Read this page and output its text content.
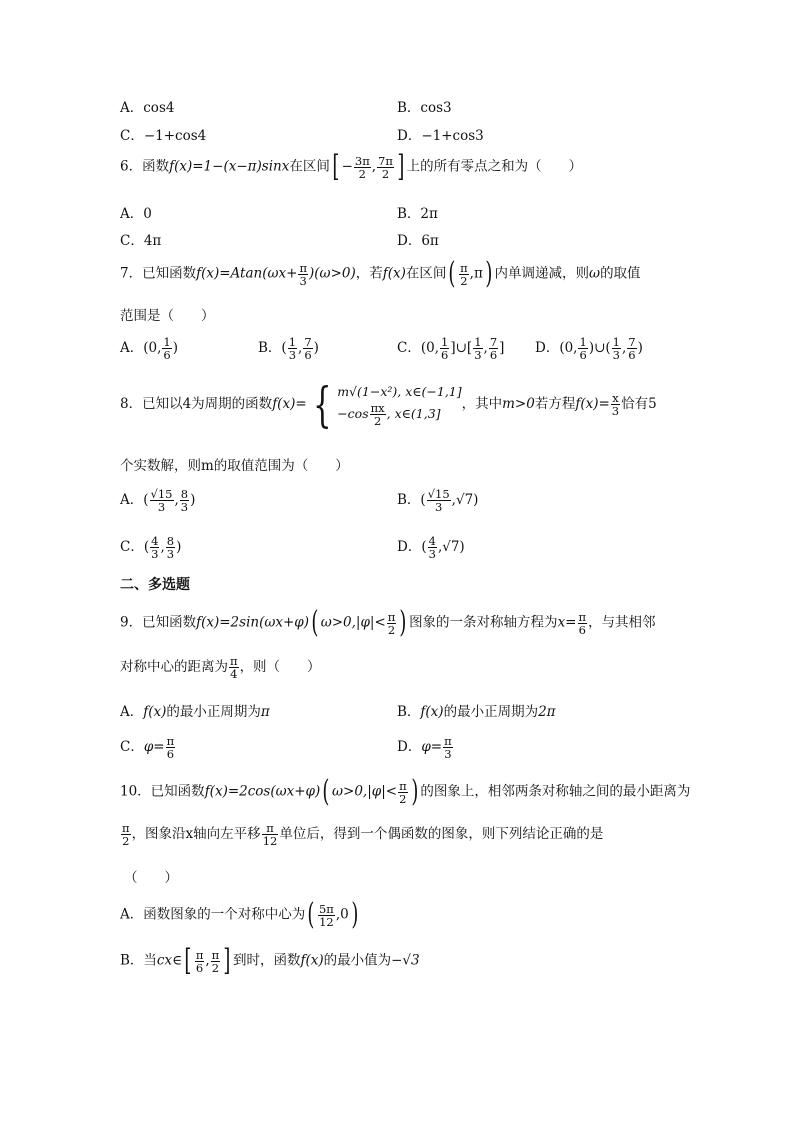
A．cos4	B．cos3
C．−1+cos4	D．−1+cos3
6．函数f(x)=1−(x−π)sinx在区间[ − $\frac{3\pi}{2}$ , $\frac{7\pi}{2}$ ] 上的所有零点之和为（　　）
A．0	B．2π
C．4π	D．6π
7．已知函数$f(x)=Atan(\omega x+ \frac{\pi}{3} )(\omega>0)$，若f(x)在区间( $\frac{\pi}{2} ,\pi$) 内单调递减，则ω的取值
范围是（　　）
A．(0, $\frac{1}{6}$ )	B．( $\frac{1}{3}$ , $\frac{7}{6}$ )	C．(0, $\frac{1}{6}$ ]∪[ $\frac{1}{3}$ , $\frac{7}{6}$ ] D．(0, $\frac{1}{6}$ )∪( $\frac{1}{3}$ , $\frac{7}{6}$ )
8．已知以4为周期的函数f(x)= { m√(1−x²), x∈(−1,1]
$-\cos \frac{\pi x}{2}$ , x∈(1,3]
，其中m>0若方程$f(x)= \frac{x}{3}$ 恰有5
个实数解，则m的取值范围为（　　）
A．( $\frac{√15}{3}$ , $\frac{8}{3}$ )	B．( $\frac{√15}{3} ,√7$)
C．( $\frac{4}{3}$ , $\frac{8}{3}$ )	D．( $\frac{4}{3} ,√7$)
二、多选题
9．已知函数f(x)=2sin(ωx+φ)( $\omega>0,|\varphi|< \frac{\pi}{2}$ ) 图象的一条对称轴方程为$x= \frac{\pi}{6}$ ，与其相邻
对称中心的距离为 $\frac{\pi}{4}$ ，则（　　）
A．f(x)的最小正周期为π	B．f(x)的最小正周期为2π
C．$\varphi= \frac{\pi}{6}$	D．$\varphi= \frac{\pi}{3}$
10．已知函数f(x)=2cos(ωx+φ)( $\omega>0,|\varphi|< \frac{\pi}{2}$ ) 的图象上，相邻两条对称轴之间的最小距离为
$\frac{\pi}{2}$ ，图象沿x轴向左平移 $\frac{\pi}{12}$ 单位后，得到一个偶函数的图象，则下列结论正确的是
（　　）
A．函数图象的一个对称中心为( $\frac{5\pi}{12} ,0$)
B．当cx∈[ $\frac{\pi}{6}$ , $\frac{\pi}{2}$ ] 到时，函数f(x)的最小值为−√3
